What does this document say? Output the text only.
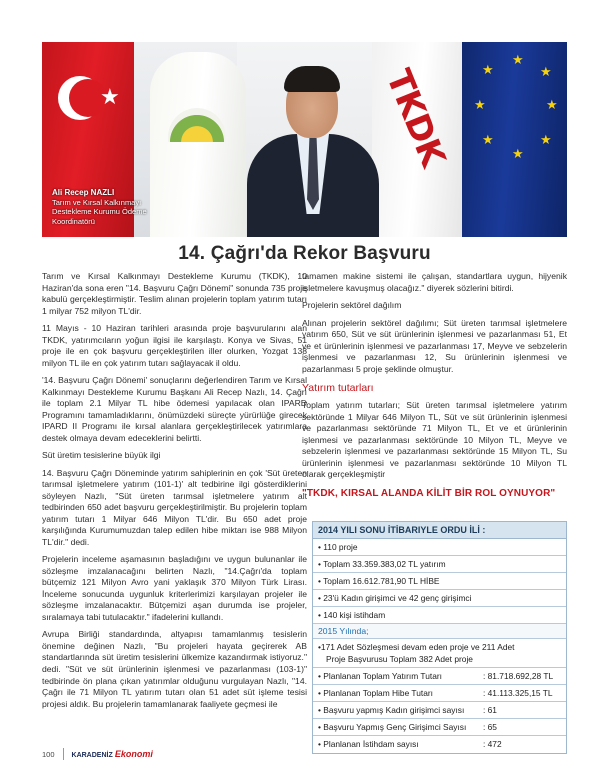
★	TKDK ★
★
★
★	★
★	★
★
Ali Recep NAZLI
Tarım ve Kırsal Kalkınmayı
Destekleme Kurumu Ödeme
Koordinatörü
14. Çağrı'da Rekor Başvuru

Tarım ve Kırsal Kalkınmayı Destekleme Kurumu (TKDK), 10 Haziran'da sona eren "14. Başvuru Çağrı Dönemi" sonunda 735 proje kabulü gerçekleştirmiştir. Teslim alınan projelerin toplam yatırım tutarı 1 milyar 752 milyon TL'dir.

11 Mayıs - 10 Haziran tarihleri arasında proje başvurularını alan TKDK, yatırımcıların yoğun ilgisi ile karşılaştı. Konya ve Sivas, 51 proje ile en çok başvuru gerçekleştirilen iller olurken, Yozgat 138 milyon TL ile en çok yatırım tutarı sağlayacak il oldu.

'14. Başvuru Çağrı Dönemi' sonuçlarını değerlendiren Tarım ve Kırsal Kalkınmayı Destekleme Kurumu Başkanı Ali Recep Nazlı, 14. Çağrı ile toplam 2.1 Milyar TL hibe ödemesi yapılacak olan IPARD Programını tamamladıklarını, önümüzdeki süreçte yürürlüğe girecek IPARD II Programı ile kırsal alanlara gerçekleştirilecek yatırımlara destek olmaya devam edeceklerini belirtti.

Süt üretim tesislerine büyük ilgi

14. Başvuru Çağrı Döneminde yatırım sahiplerinin en çok 'Süt üreten tarımsal işletmelere yatırım (101-1)' alt tedbirine ilgi gösterdiklerini söyleyen Nazlı, "Süt üreten tarımsal işletmelere yatırım alt tedbirinden 650 adet başvuru gerçekleştirilmiştir. Bu projelerin toplam yatırım tutarı 1 Milyar 646 Milyon TL'dir. Bu 650 adet proje karşılığında Kurumumuzdan talep edilen hibe miktarı ise 988 Milyon TL'dir." dedi.

Projelerin inceleme aşamasının başladığını ve uygun bulunanlar ile sözleşme imzalanacağını belirten Nazlı, "14.Çağrı'da toplam bütçemiz 121 Milyon Avro yani yaklaşık 370 Milyon Türk Lirası. İnceleme sonucunda uygunluk kriterlerimizi karşılayan projeler ile sözleşme imzalanacaktır. Bütçemizi aşan durumda ise projeler, sıralamaya tabi tutulacaktır." ifadelerini kullandı.

Avrupa Birliği standardında, altyapısı tamamlanmış tesislerin önemine değinen Nazlı, "Bu projeleri hayata geçirerek AB standartlarında süt üretim tesislerini ülkemize kazandırmak istiyoruz." dedi. "Süt ve süt ürünlerinin işlenmesi ve pazarlanması (103-1)" tedbirinde ön plana çıkan yatırımlar olduğunu vurgulayan Nazlı, "14. Çağrı ile 71 Milyon TL yatırım tutarı olan 51 adet süt işleme tesisi projesi aldık. Bu projelerin tamamlanarak faaliyete geçmesi ile

tamamen makine sistemi ile çalışan, standartlara uygun, hijyenik işletmelere kavuşmuş olacağız." diyerek sözlerini bitirdi.

Projelerin sektörel dağılım

Alınan projelerin sektörel dağılımı; Süt üreten tarımsal işletmelere yatırım 650, Süt ve süt ürünlerinin işlenmesi ve pazarlanması 51, Et ve et ürünlerinin işlenmesi ve pazarlanması 17, Meyve ve sebzelerin işlenmesi ve pazarlanması 12, Su ürünlerinin işlenmesi ve pazarlanması 5 proje şeklinde olmuştur.

Yatırım tutarları

Toplam yatırım tutarları; Süt üreten tarımsal işletmelere yatırım sektöründe 1 Milyar 646 Milyon TL, Süt ve süt ürünlerinin işlenmesi ve pazarlanması sektöründe 71 Milyon TL, Et ve et ürünlerinin işlenmesi ve pazarlanması sektöründe 10 Milyon TL, Meyve ve sebzelerin işlenmesi ve pazarlanması sektöründe 15 Milyon TL, Su ürünlerinin işlenmesi ve pazarlanması sektöründe 10 Milyon TL olarak gerçekleşmiştir

"TKDK, KIRSAL ALANDA KİLİT BİR ROL OYNUYOR"
2014 YILI SONU İTİBARIYLE ORDU İLİ :
• 110 proje
• Toplam 33.359.383,02 TL yatırım
• Toplam 16.612.781,90 TL HİBE
• 23'ü Kadın girişimci ve 42 genç girişimci
• 140 kişi istihdam
2015 Yılında;
•171 Adet Sözleşmesi devam eden proje ve 211 Adet
Proje Başvurusu Toplam 382 Adet proje
• Planlanan Toplam Yatırım Tutarı	: 81.718.692,28 TL
• Planlanan Toplam Hibe Tutarı	: 41.113.325,15 TL
• Başvuru yapmış Kadın girişimci sayısı : 61
• Başvuru Yapmış Genç Girişimci Sayısı : 65
• Planlanan İstihdam sayısı	: 472
100 KARADENİZ Ekonomi
